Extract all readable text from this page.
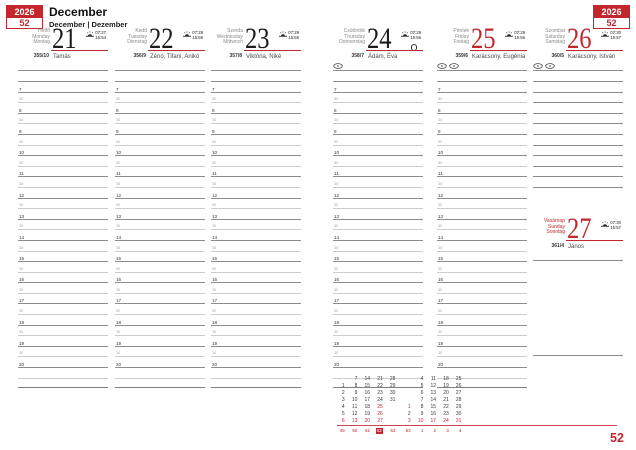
2026
52
December
December | Dezember
2026
52
Hétfő
Monday
Montag 21	07:27
15:54
355/10 Tamás
7
30
8
30
9
30
10
30
11
30
12
30
13
30
14
30
15
30
16
30
17
30
18
30
19
30
20
Kedd
Tuesday
Dienstag 22	07:28
15:55
356/9 Zénó, Tifani, Anikó
7
30
8
30
9
30
10
30
11
30
12
30
13
30
14
30
15
30
16
30
17
30
18
30
19
30
20
Szerda
Wednesday
Mittwoch 23	07:29
15:55
357/8 Viktória, Niké
7
30
8
30
9
30
10
30
11
30
12
30
13
30
14
30
15
30
16
30
17
30
18
30
19
30
20
Csütörtök
Thursday
Donnerstag 24	07:29
15:56
358/7 Ádám, Éva
7
30
8
30
9
30
10
30
11
30
12
30
13
30
14
30
15
30
16
30
17
30
18
30
19
30
20
Péntek
Friday
Freitag 25	07:29
15:56
359/6 Karácsony, Eugénia
7
30
8
30
9
30
10
30
11
30
12
30
13
30
14
30
15
30
16
30
17
30
18
30
19
30
20
Szombat
Saturday
Samstag 26	07:30
15:57
360/5 Karácsony, István
Vasárnap
Sunday
Sonntag 27	07:30
15:57
361/4 János
7	14	21	28
1	8	15	22	29
2	9	16	23	30
3	10	17	24	31
4	11	18	25
5	12	19	26
6	13	20	27
49	50	51	52	53
4	11	18	25
5	12	19	26
6	13	20	27
7	14	21	28
1	8	15	22	29
2	9	16	23	30
3	10	17	24	31
53	1	2	3	4
52
